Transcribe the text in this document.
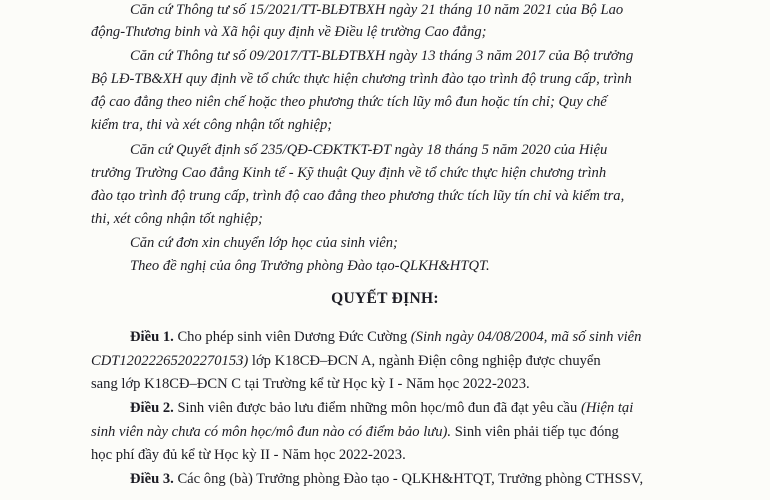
Căn cứ Thông tư số 15/2021/TT-BLĐTBXH ngày 21 tháng 10 năm 2021 của Bộ Lao

động-Thương binh và Xã hội quy định về Điều lệ trường Cao đẳng;

Căn cứ Thông tư số 09/2017/TT-BLĐTBXH ngày 13 tháng 3 năm 2017 của Bộ trưởng

Bộ LĐ-TB&XH quy định về tổ chức thực hiện chương trình đào tạo trình độ trung cấp, trình

độ cao đẳng theo niên chế hoặc theo phương thức tích lũy mô đun hoặc tín chỉ; Quy chế

kiểm tra, thi và xét công nhận tốt nghiệp;

Căn cứ Quyết định số 235/QĐ-CĐKTKT-ĐT ngày 18 tháng 5 năm 2020 của Hiệu

trưởng Trường Cao đẳng Kinh tế - Kỹ thuật Quy định về tổ chức thực hiện chương trình

đào tạo trình độ trung cấp, trình độ cao đẳng theo phương thức tích lũy tín chỉ và kiểm tra,

thi, xét công nhận tốt nghiệp;

Căn cứ đơn xin chuyển lớp học của sinh viên;

Theo đề nghị của ông Trưởng phòng Đào tạo-QLKH&HTQT.

QUYẾT ĐỊNH:

Điều 1. Cho phép sinh viên Dương Đức Cường (Sinh ngày 04/08/2004, mã số sinh viên

CDT1202226520227015З) lớp K18CĐ–ĐCN A, ngành Điện công nghiệp được chuyển

sang lớp K18CĐ–ĐCN C tại Trường kể từ Học kỳ I - Năm học 2022-2023.

Điều 2. Sinh viên được bảo lưu điểm những môn học/mô đun đã đạt yêu cầu (Hiện tại

sinh viên này chưa có môn học/mô đun nào có điểm bảo lưu). Sinh viên phải tiếp tục đóng

học phí đầy đủ kể từ Học kỳ II - Năm học 2022-2023.

Điều 3. Các ông (bà) Trưởng phòng Đào tạo - QLKH&HTQT, Trưởng phòng CTHSSV,
